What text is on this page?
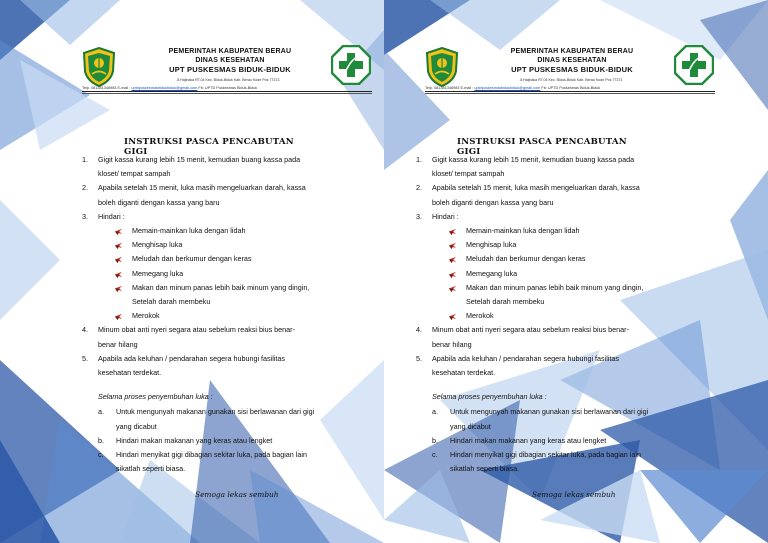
PEMERINTAH KABUPATEN BERAU
DINAS KESEHATAN
UPT PUSKESMAS BIDUK-BIDUK
Jl.Hajinaka RT.04 Kec. Biduk-Biduk Kab. Berau Kode Pos 77373
Telp. 081381348983 E-mail : uptdpuskesmasbidukbiduk@gmail.com Fb: UPTD Puskesmas Biduk-Biduk
INSTRUKSI PASCA PENCABUTAN GIGI
1. Gigit kassa kurang lebih 15 menit, kemudian buang kassa pada
kloset/ tempat sampah
2. Apabila setelah 15 menit, luka masih mengeluarkan darah, kassa
boleh diganti dengan kassa yang baru
3. Hindari :
Memain-mainkan luka dengan lidah
Menghisap luka
Meludah dan berkumur dengan keras
Memegang luka
Makan dan minum panas lebih baik minum yang dingin,
Setelah darah membeku
Merokok
4. Minum obat anti nyeri segara atau sebelum reaksi bius benar-
benar hilang
5. Apabila ada keluhan / pendarahan segera hubungi fasilitas
kesehatan terdekat.
Selama proses penyembuhan luka :
a. Untuk mengunyah makanan gunakan sisi berlawanan dari gigi
yang dicabut
b. Hindari makan makanan yang keras atau lengket
c. Hindari menyikat gigi dibagian sekitar luka, pada bagian lain
sikatlah seperti biasa.
Semoga lekas sembuh
PEMERINTAH KABUPATEN BERAU
DINAS KESEHATAN
UPT PUSKESMAS BIDUK-BIDUK
Jl.Hajinaka RT.04 Kec. Biduk-Biduk Kab. Berau Kode Pos 77373
Telp. 081381348983 E-mail : uptdpuskesmasbidukbiduk@gmail.com Fb: UPTD Puskesmas Biduk-Biduk
INSTRUKSI PASCA PENCABUTAN GIGI
1. Gigit kassa kurang lebih 15 menit, kemudian buang kassa pada
kloset/ tempat sampah
2. Apabila setelah 15 menit, luka masih mengeluarkan darah, kassa
boleh diganti dengan kassa yang baru
3. Hindari :
Memain-mainkan luka dengan lidah
Menghisap luka
Meludah dan berkumur dengan keras
Memegang luka
Makan dan minum panas lebih baik minum yang dingin,
Setelah darah membeku
Merokok
4. Minum obat anti nyeri segara atau sebelum reaksi bius benar-
benar hilang
5. Apabila ada keluhan / pendarahan segera hubungi fasilitas
kesehatan terdekat.
Selama proses penyembuhan luka :
a. Untuk mengunyah makanan gunakan sisi berlawanan dari gigi
yang dicabut
b. Hindari makan makanan yang keras atau lengket
c. Hindari menyikat gigi dibagian sekitar luka, pada bagian lain
sikatlah seperti biasa.
Semoga lekas sembuh
